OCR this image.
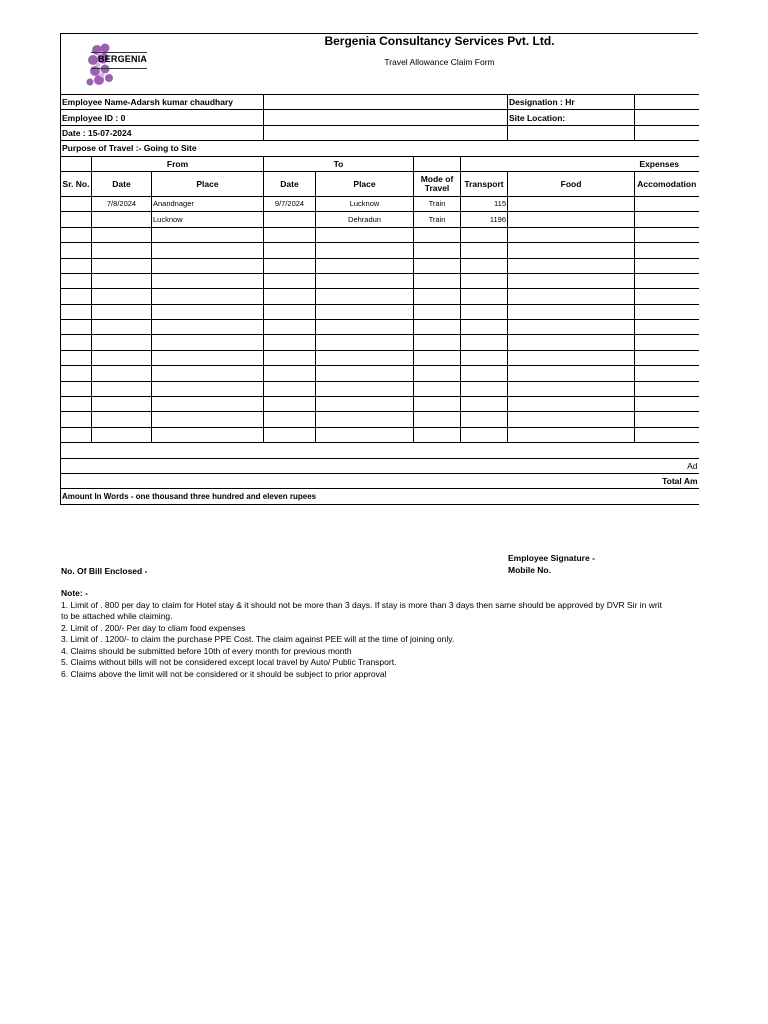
BERGENIA
Bergenia Consultancy Services Pvt. Ltd.
Travel Allowance Claim Form
Employee Name-Adarsh kumar chaudhary							Designation : Hr	
Employee ID : 0							Site Location:	
Date : 15-07-2024								
Purpose of Travel :- Going to Site								
	From		To			Expenses		
Sr. No.	Date	Place	Date	Place	Mode of Travel	Transport	Food	Accomodation
	7/8/2024	Anandnager	9/7/2024	Lucknow	Train	115		
		Lucknow		Dehradun	Train	1196		

Ad								
Total Am								
Amount In Words - one thousand three hundred and eleven rupees								
Employee Signature -
Mobile No.
No. Of Bill Enclosed -
Note: -
1. Limit of . 800 per day to claim for Hotel stay & it should not be more than 3 days. If stay is more than 3 days then same should be approved by DVR Sir in writ
to be attached while claiming.
2. Limit of . 200/- Per day to cliam food expenses
3. Limit of . 1200/- to claim the purchase PPE Cost. The claim against PEE will at the time of joining only.
4. Claims should be submitted before 10th of every month for previous month
5. Claims without bills will not be considered except local travel by Auto/ Public Transport.
6. Claims above the limit will not be considered or it should be subject to prior approval
